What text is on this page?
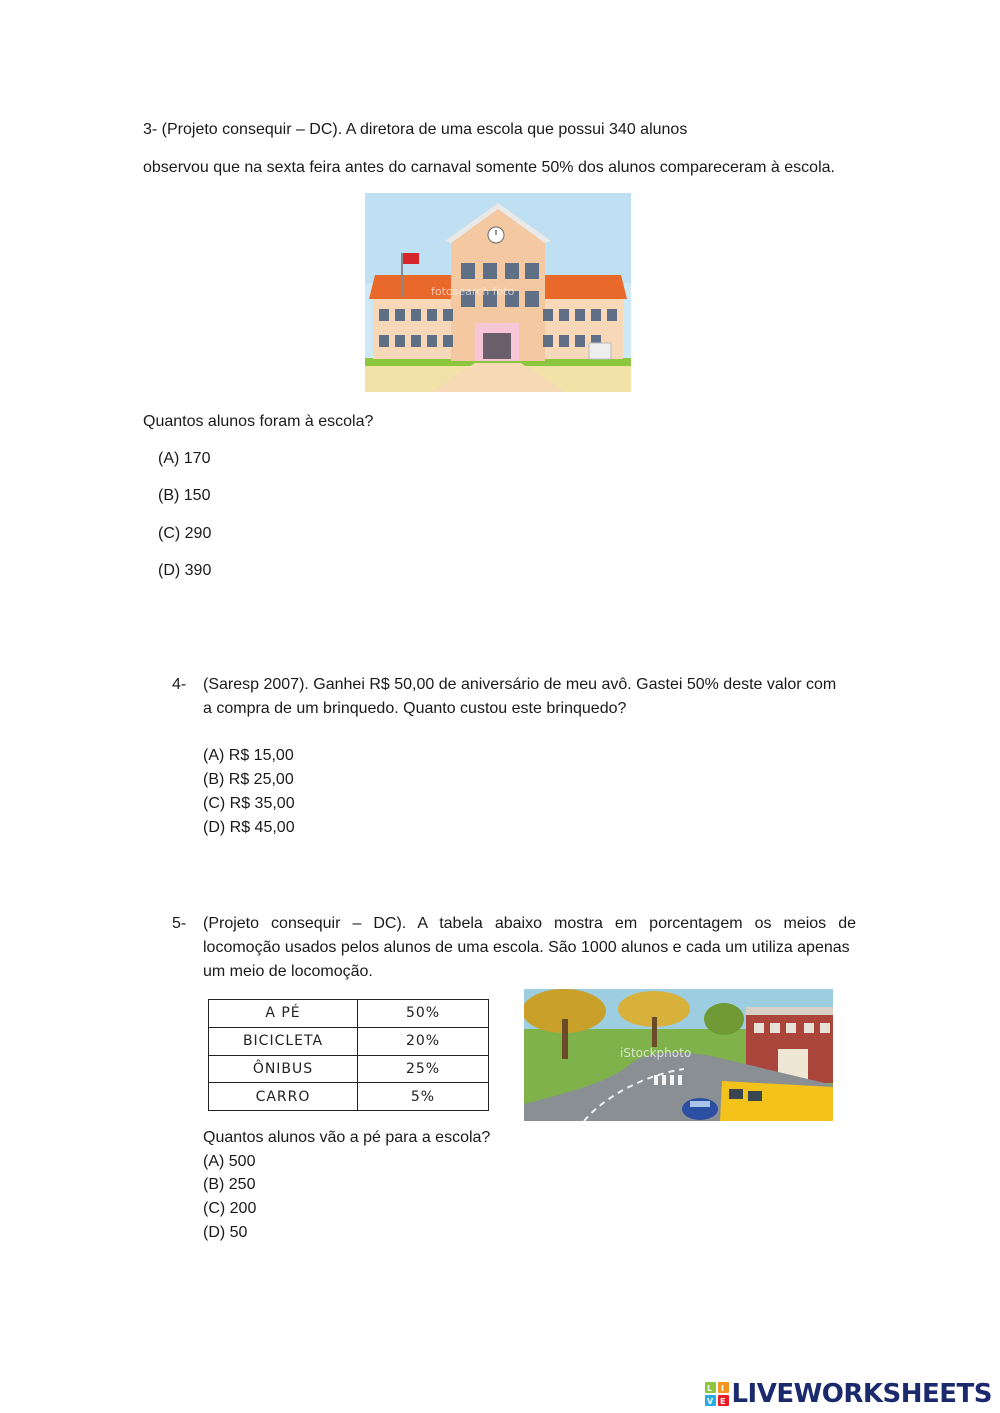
3- (Projeto consequir – DC). A diretora de uma escola que possui 340 alunos
observou que na sexta feira antes do carnaval somente 50% dos alunos compareceram à escola.
fotosearch foto
Quantos alunos foram à escola?
(A) 170
(B) 150
(C) 290
(D) 390
4- (Saresp 2007). Ganhei R$ 50,00 de aniversário de meu avô. Gastei 50% deste valor com
a compra de um brinquedo. Quanto custou este brinquedo?
(A) R$ 15,00
(B) R$ 25,00
(C) R$ 35,00
(D) R$ 45,00
5- (Projeto consequir – DC). A tabela abaixo mostra em porcentagem os meios de
locomoção usados pelos alunos de uma escola. São 1000 alunos e cada um utiliza apenas
um meio de locomoção.
A PÉ	50%
BICICLETA	20%
ÔNIBUS	25%
CARRO	5%
iStockphoto
Quantos alunos vão a pé para a escola?
(A) 500
(B) 250
(C) 200
(D) 50
L I
V E LIVEWORKSHEETS
